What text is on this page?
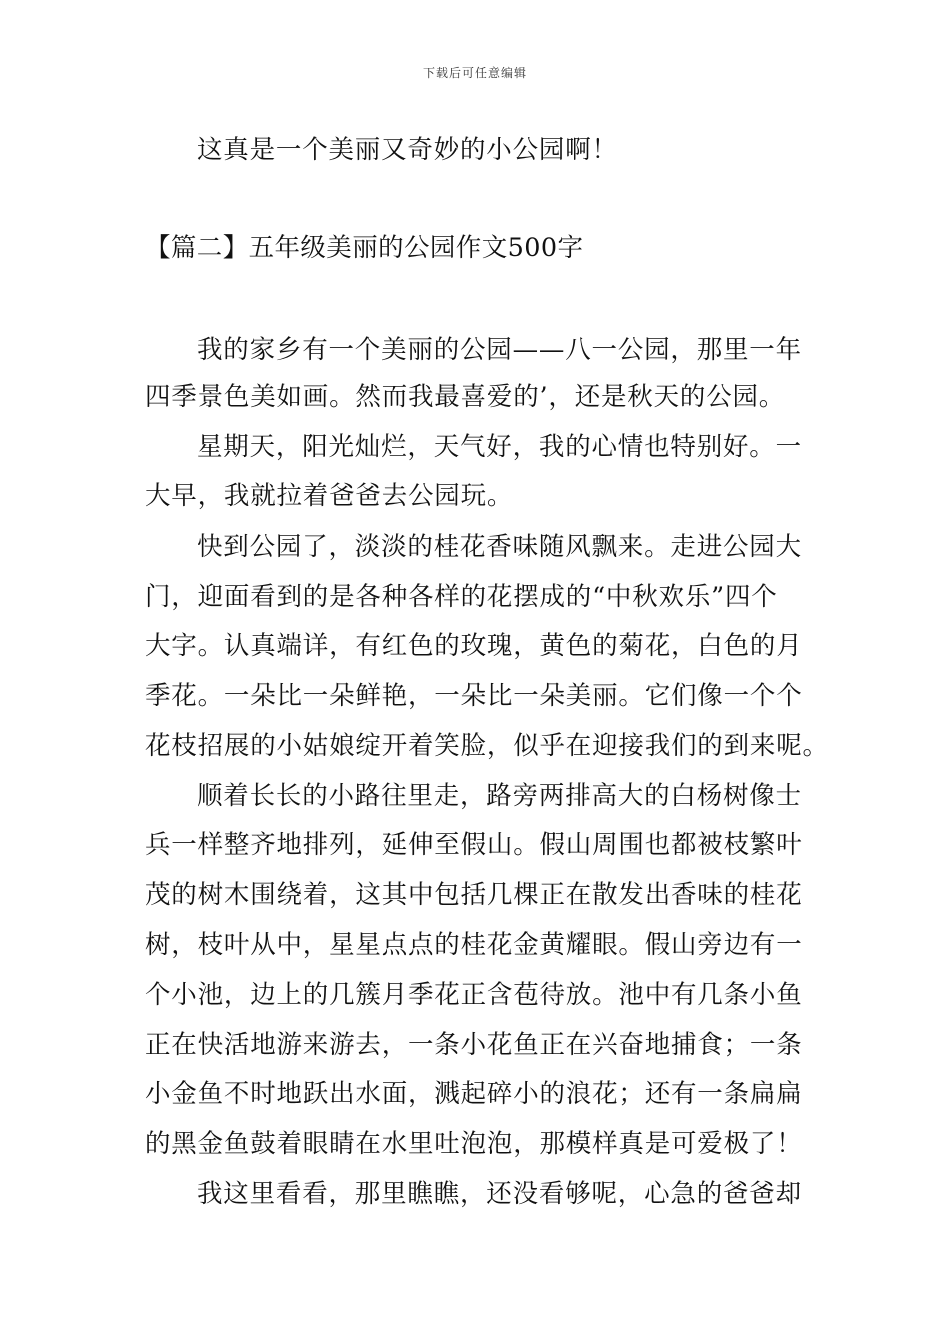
下载后可任意编辑
这真是一个美丽又奇妙的小公园啊！
【篇二】五年级美丽的公园作文500字
我的家乡有一个美丽的公园——八一公园，那里一年
四季景色美如画。然而我最喜爱的’，还是秋天的公园。
星期天，阳光灿烂，天气好，我的心情也特别好。一
大早，我就拉着爸爸去公园玩。
快到公园了，淡淡的桂花香味随风飘来。走进公园大
门，迎面看到的是各种各样的花摆成的“中秋欢乐”四个
大字。认真端详，有红色的玫瑰，黄色的菊花，白色的月
季花。一朵比一朵鲜艳，一朵比一朵美丽。它们像一个个
花枝招展的小姑娘绽开着笑脸，似乎在迎接我们的到来呢。
顺着长长的小路往里走，路旁两排高大的白杨树像士
兵一样整齐地排列，延伸至假山。假山周围也都被枝繁叶
茂的树木围绕着，这其中包括几棵正在散发出香味的桂花
树，枝叶从中，星星点点的桂花金黄耀眼。假山旁边有一
个小池，边上的几簇月季花正含苞待放。池中有几条小鱼
正在快活地游来游去，一条小花鱼正在兴奋地捕食；一条
小金鱼不时地跃出水面，溅起碎小的浪花；还有一条扁扁
的黑金鱼鼓着眼睛在水里吐泡泡，那模样真是可爱极了！
我这里看看，那里瞧瞧，还没看够呢，心急的爸爸却
